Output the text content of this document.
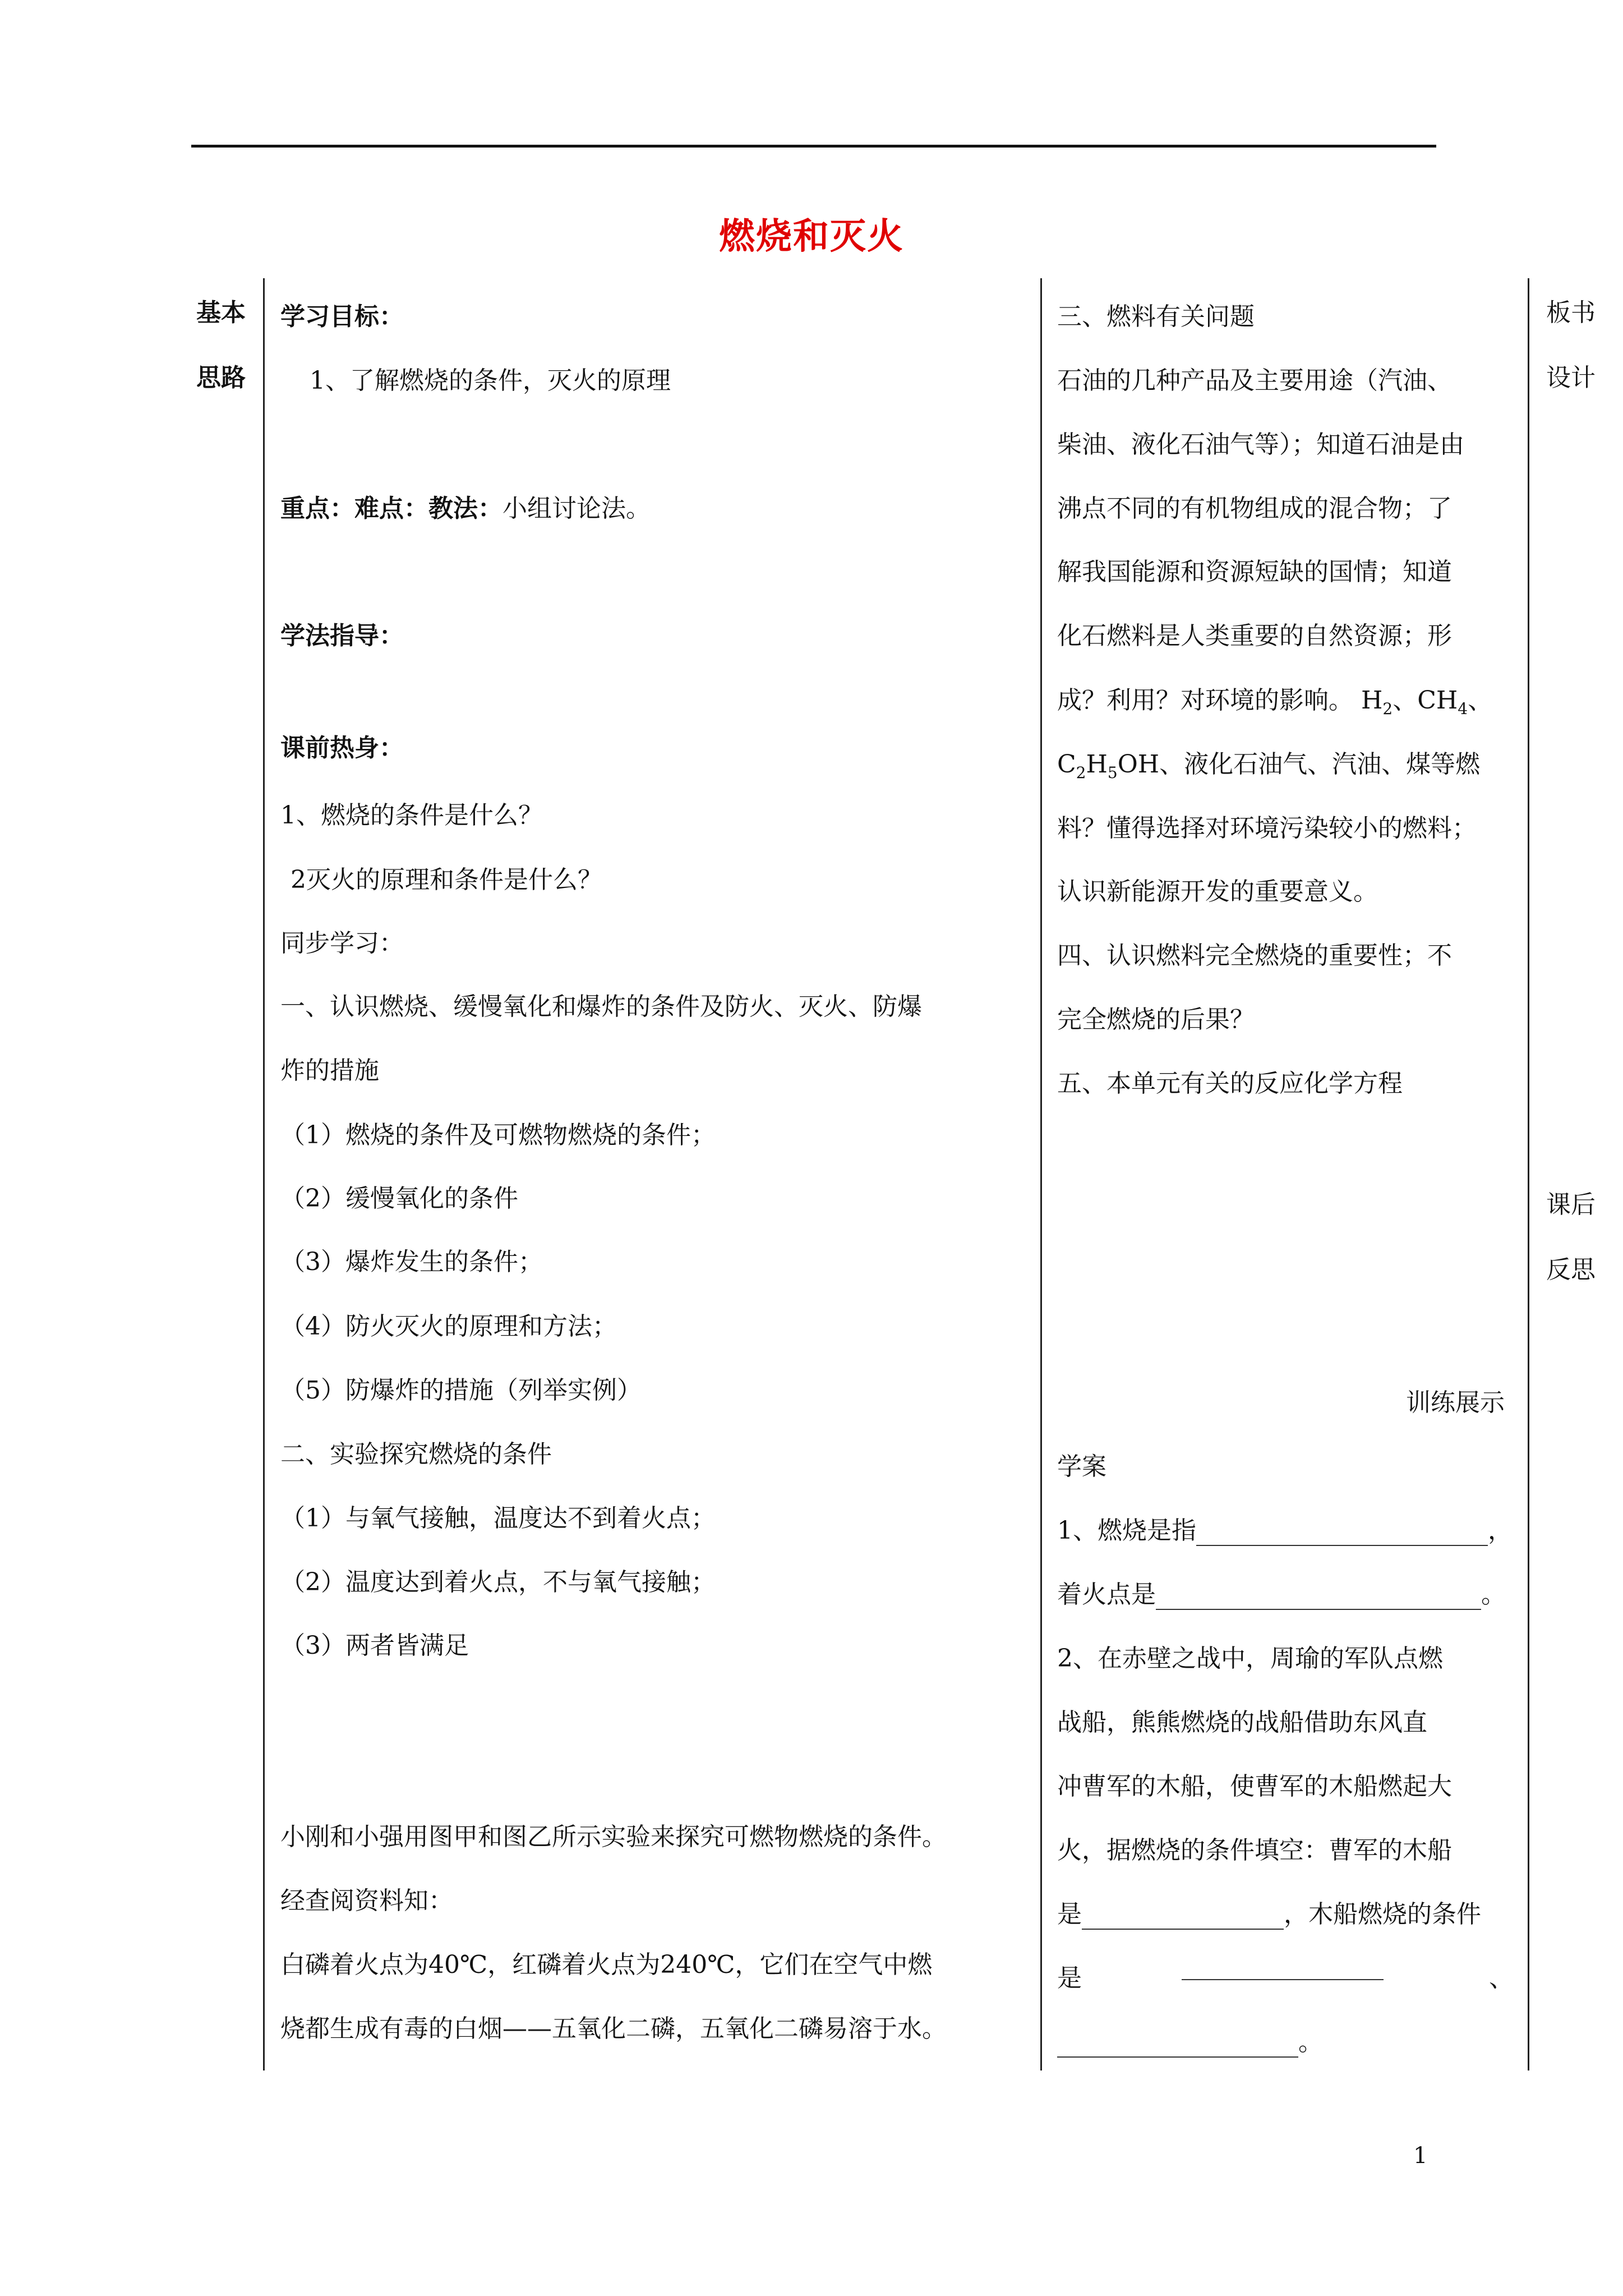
燃烧和灭火
基本
思路
板书
设计
课后
反思
学习目标：
1、了解燃烧的条件，灭火的原理
重点：难点：教法：小组讨论法。
学法指导：
课前热身：
1、燃烧的条件是什么？
2灭火的原理和条件是什么？
同步学习：
一、认识燃烧、缓慢氧化和爆炸的条件及防火、灭火、防爆
炸的措施
（1）燃烧的条件及可燃物燃烧的条件；
（2）缓慢氧化的条件
（3）爆炸发生的条件；
（4）防火灭火的原理和方法；
（5）防爆炸的措施（列举实例）
二、实验探究燃烧的条件
（1）与氧气接触，温度达不到着火点；
（2）温度达到着火点，不与氧气接触；
（3）两者皆满足
小刚和小强用图甲和图乙所示实验来探究可燃物燃烧的条件。
经查阅资料知：
白磷着火点为40℃，红磷着火点为240℃，它们在空气中燃
烧都生成有毒的白烟——五氧化二磷，五氧化二磷易溶于水。
三、燃料有关问题
石油的几种产品及主要用途（汽油、
柴油、液化石油气等）；知道石油是由
沸点不同的有机物组成的混合物；了
解我国能源和资源短缺的国情；知道
化石燃料是人类重要的自然资源；形
成？利用？对环境的影响。 $H_2$、$CH_4$、
$C_2H_5OH$、液化石油气、汽油、煤等燃
料？懂得选择对环境污染较小的燃料；
认识新能源开发的重要意义。
四、认识燃料完全燃烧的重要性；不
完全燃烧的后果？
五、本单元有关的反应化学方程
训练展示
学案
1、燃烧是指	，
着火点是	。
2、在赤壁之战中，周瑜的军队点燃
战船，熊熊燃烧的战船借助东风直
冲曹军的木船，使曹军的木船燃起大
火，据燃烧的条件填空：曹军的木船
是	，木船燃烧的条件
是	、
。
1
